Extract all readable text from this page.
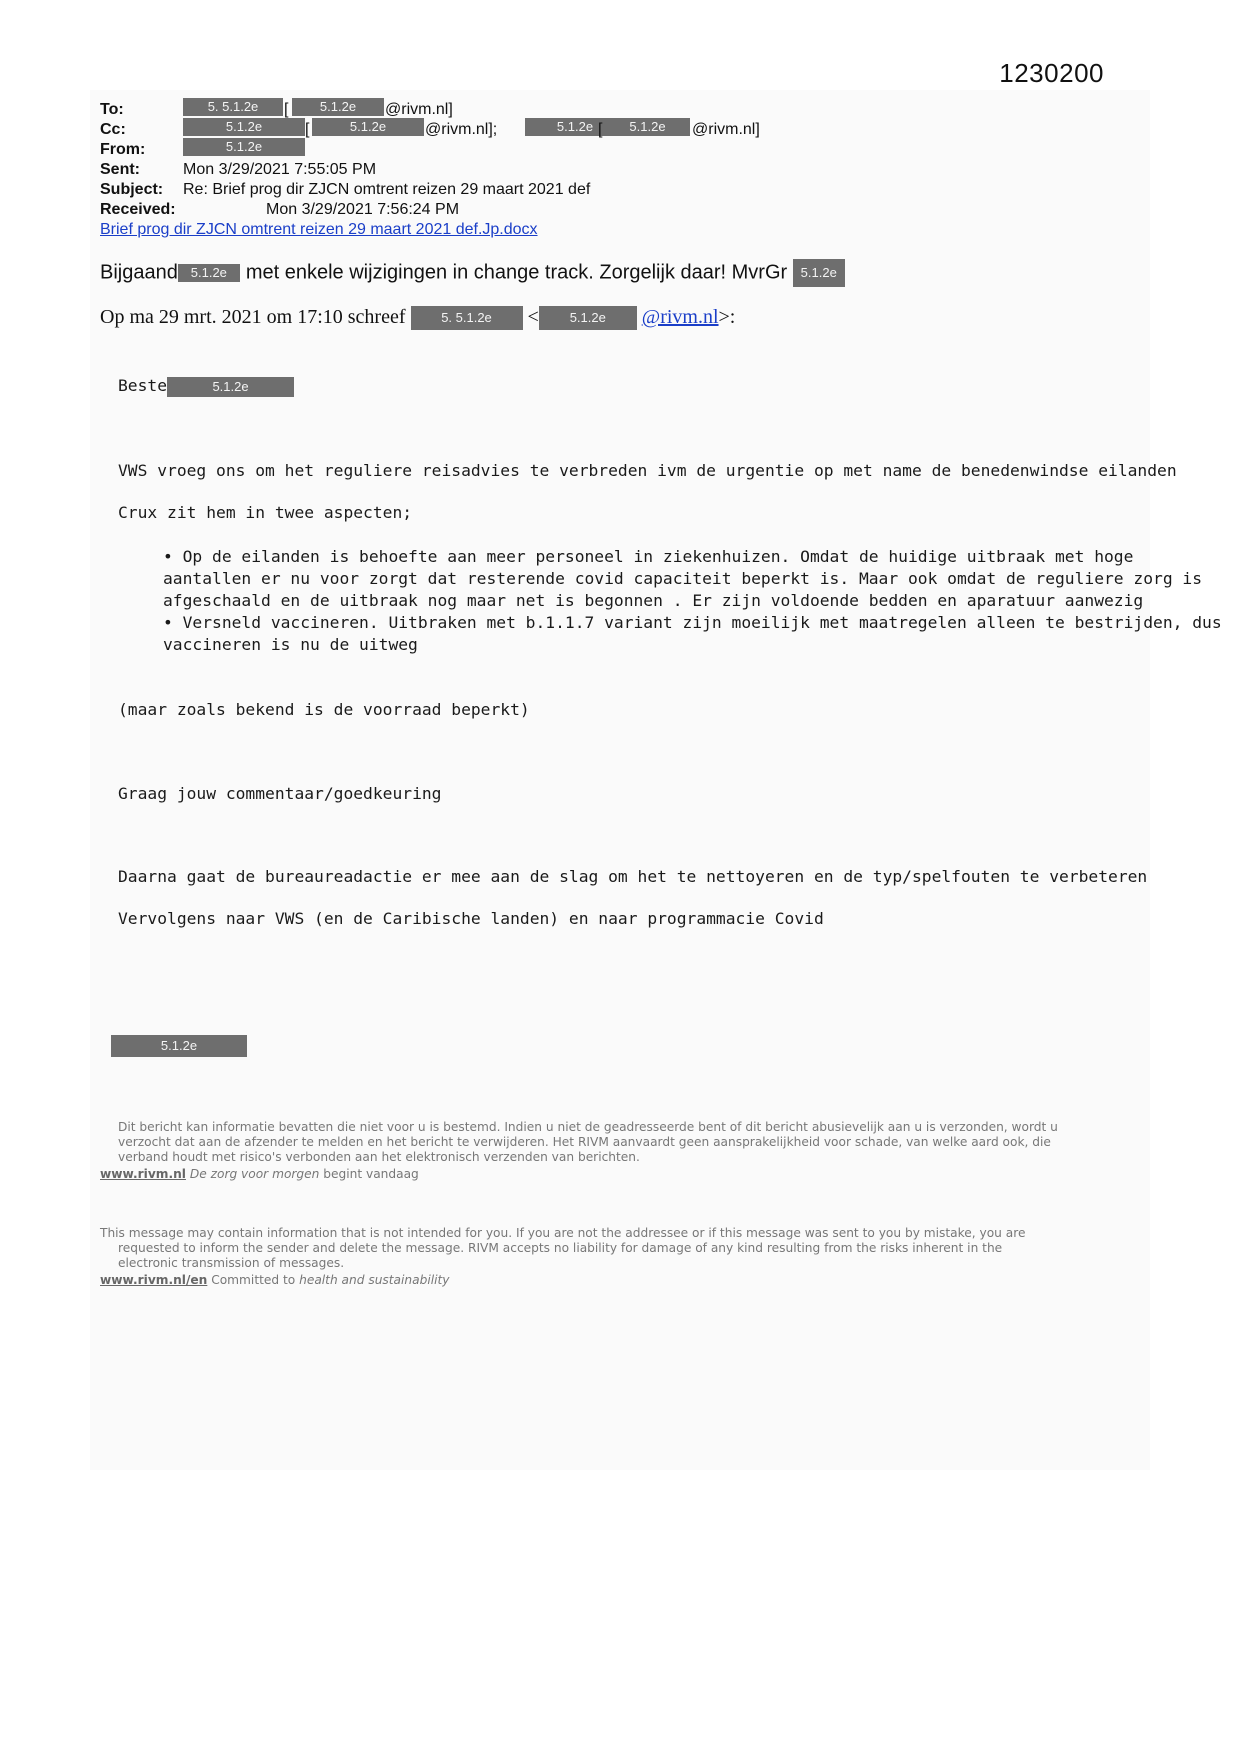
1230200
To:	5. 5.1.2e	[	5.1.2e	@rivm.nl]
Cc:	5.1.2e	[	5.1.2e	@rivm.nl];	5.1.2e [	5.1.2e	@rivm.nl]
From:	5.1.2e
Sent:	Mon 3/29/2021 7:55:05 PM
Subject: Re: Brief prog dir ZJCN omtrent reizen 29 maart 2021 def
Received:	Mon 3/29/2021 7:56:24 PM
Brief prog dir ZJCN omtrent reizen 29 maart 2021 def.Jp.docx
Bijgaand 5.1.2e met enkele wijzigingen in change track. Zorgelijk daar! MvrGr 5.1.2e
Op ma 29 mrt. 2021 om 17:10 schreef	5. 5.1.2e < 5.1.2e @rivm.nl>:
Beste	5.1.2e
VWS vroeg ons om het reguliere reisadvies te verbreden ivm de urgentie op met name de benedenwindse eilanden
Crux zit hem in twee aspecten;
• Op de eilanden is behoefte aan meer personeel in ziekenhuizen. Omdat de huidige uitbraak met hoge
aantallen er nu voor zorgt dat resterende covid capaciteit beperkt is. Maar ook omdat de reguliere zorg is
afgeschaald en de uitbraak nog maar net is begonnen . Er zijn voldoende bedden en aparatuur aanwezig
• Versneld vaccineren. Uitbraken met b.1.1.7 variant zijn moeilijk met maatregelen alleen te bestrijden, dus
vaccineren is nu de uitweg
(maar zoals bekend is de voorraad beperkt)
Graag jouw commentaar/goedkeuring
Daarna gaat de bureaureadactie er mee aan de slag om het te nettoyeren en de typ/spelfouten te verbeteren
Vervolgens naar VWS (en de Caribische landen) en naar programmacie Covid
5.1.2e
Dit bericht kan informatie bevatten die niet voor u is bestemd. Indien u niet de geadresseerde bent of dit bericht abusievelijk aan u is verzonden, wordt u
verzocht dat aan de afzender te melden en het bericht te verwijderen. Het RIVM aanvaardt geen aansprakelijkheid voor schade, van welke aard ook, die
verband houdt met risico's verbonden aan het elektronisch verzenden van berichten.
www.rivm.nl De zorg voor morgen begint vandaag
This message may contain information that is not intended for you. If you are not the addressee or if this message was sent to you by mistake, you are
requested to inform the sender and delete the message. RIVM accepts no liability for damage of any kind resulting from the risks inherent in the
electronic transmission of messages.
www.rivm.nl/en Committed to health and sustainability
